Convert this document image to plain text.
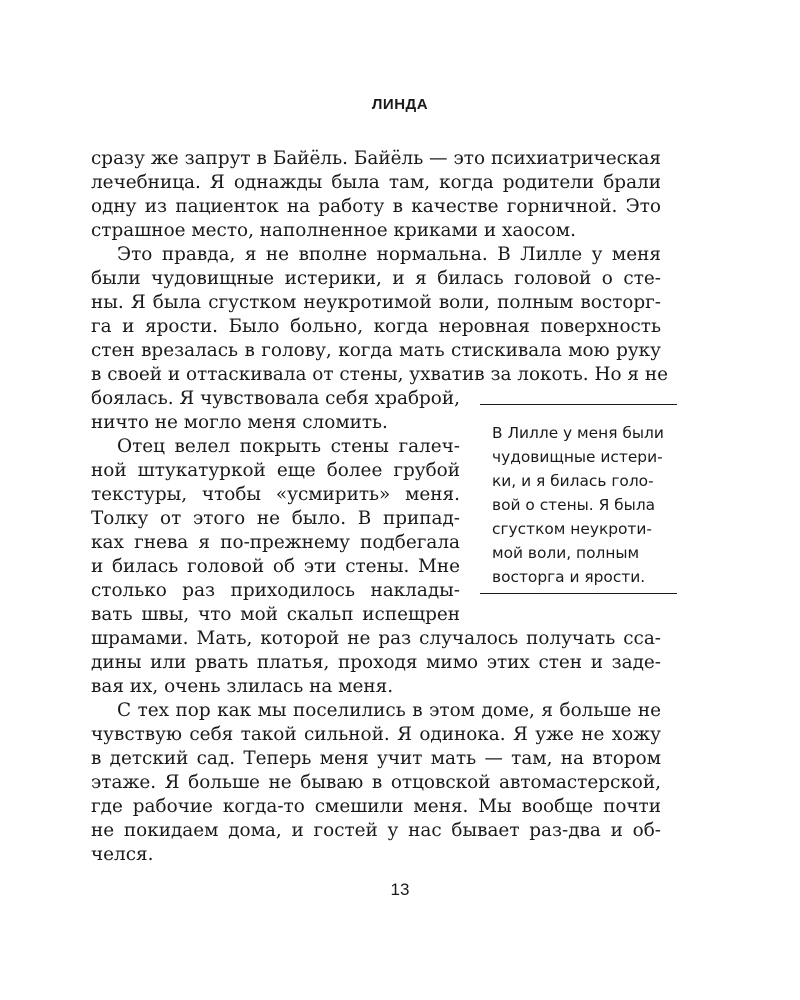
ЛИНДА
сразу же запрут в Байёль. Байёль — это психиатрическая
лечебница. Я однажды была там, когда родители брали
одну из пациенток на работу в качестве горничной. Это
страшное место, наполненное криками и хаосом.
Это правда, я не вполне нормальна. В Лилле у меня
были чудовищные истерики, и я билась головой о сте-
ны. Я была сгустком неукротимой воли, полным восторг-
га и ярости. Было больно, когда неровная поверхность
стен врезалась в голову, когда мать стискивала мою руку
в своей и оттаскивала от стены, ухватив за локоть. Но я не
боялась. Я чувствовала себя храброй,
ничто не могло меня сломить.
Отец велел покрыть стены галеч-
ной штукатуркой еще более грубой
текстуры, чтобы «усмирить» меня.
Толку от этого не было. В припад-
ках гнева я по-прежнему подбегала
и билась головой об эти стены. Мне
столько раз приходилось наклады-
вать швы, что мой скальп испещрен
шрамами. Мать, которой не раз случалось получать сса-
дины или рвать платья, проходя мимо этих стен и заде-
вая их, очень злилась на меня.
С тех пор как мы поселились в этом доме, я больше не
чувствую себя такой сильной. Я одинока. Я уже не хожу
в детский сад. Теперь меня учит мать — там, на втором
этаже. Я больше не бываю в отцовской автомастерской,
где рабочие когда-то смешили меня. Мы вообще почти
не покидаем дома, и гостей у нас бывает раз-два и об-
челся.
В Лилле у меня были
чудовищные истери-
ки, и я билась голо-
вой о стены. Я была
сгустком неукроти-
мой воли, полным
восторга и ярости.
13
